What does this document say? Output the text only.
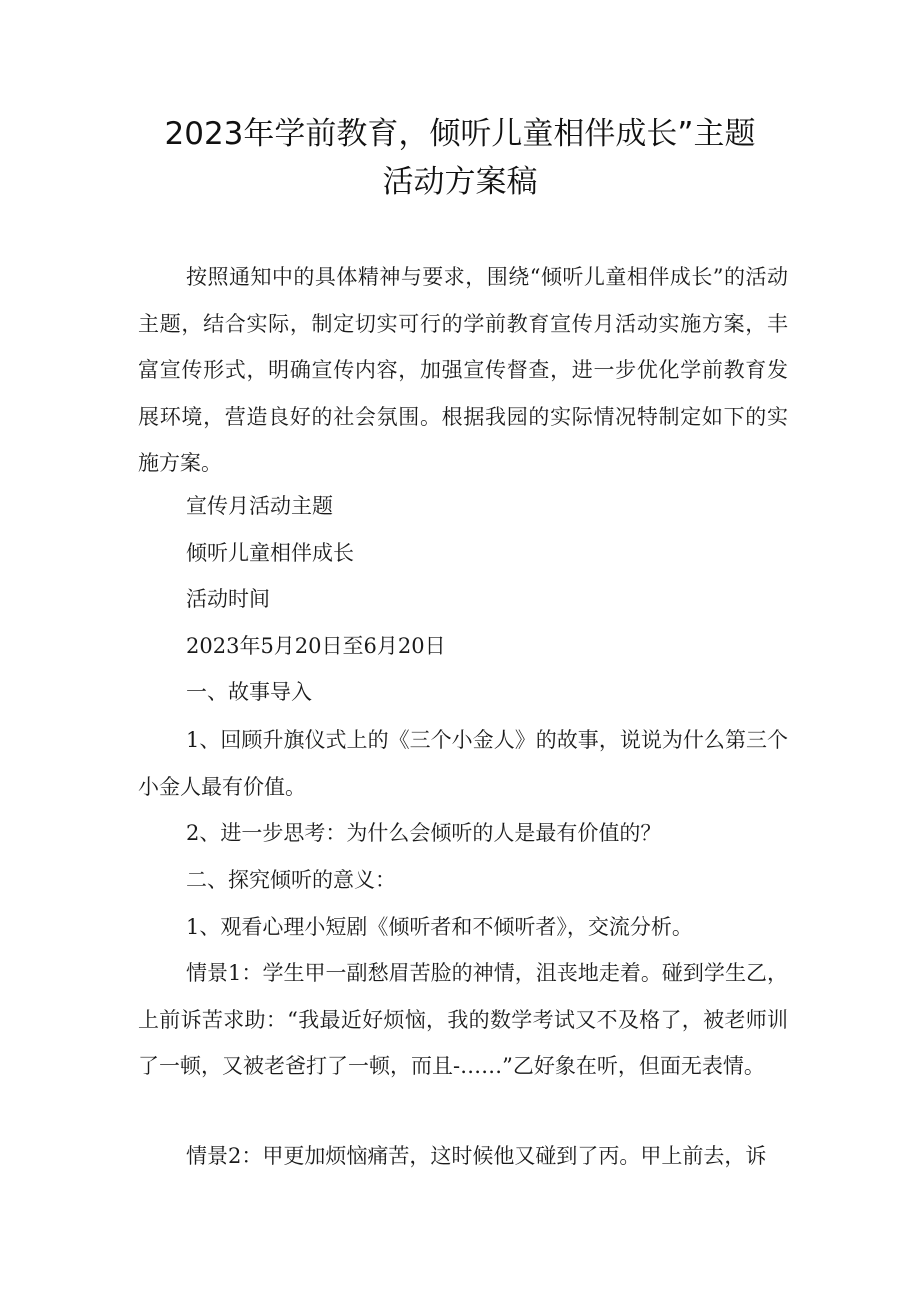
2023年学前教育，倾听儿童相伴成长”主题
活动方案稿

按照通知中的具体精神与要求，围绕“倾听儿童相伴成长”的活动主题，结合实际，制定切实可行的学前教育宣传月活动实施方案，丰富宣传形式，明确宣传内容，加强宣传督查，进一步优化学前教育发展环境，营造良好的社会氛围。根据我园的实际情况特制定如下的实施方案。

宣传月活动主题

倾听儿童相伴成长

活动时间

2023年5月20日至6月20日

一、故事导入

1、回顾升旗仪式上的《三个小金人》的故事，说说为什么第三个小金人最有价值。

2、进一步思考：为什么会倾听的人是最有价值的？

二、探究倾听的意义：

1、观看心理小短剧《倾听者和不倾听者》，交流分析。

情景1：学生甲一副愁眉苦脸的神情，沮丧地走着。碰到学生乙，上前诉苦求助：“我最近好烦恼，我的数学考试又不及格了，被老师训了一顿，又被老爸打了一顿，而且-……”乙好象在听，但面无表情。

情景2：甲更加烦恼痛苦，这时候他又碰到了丙。甲上前去，诉
